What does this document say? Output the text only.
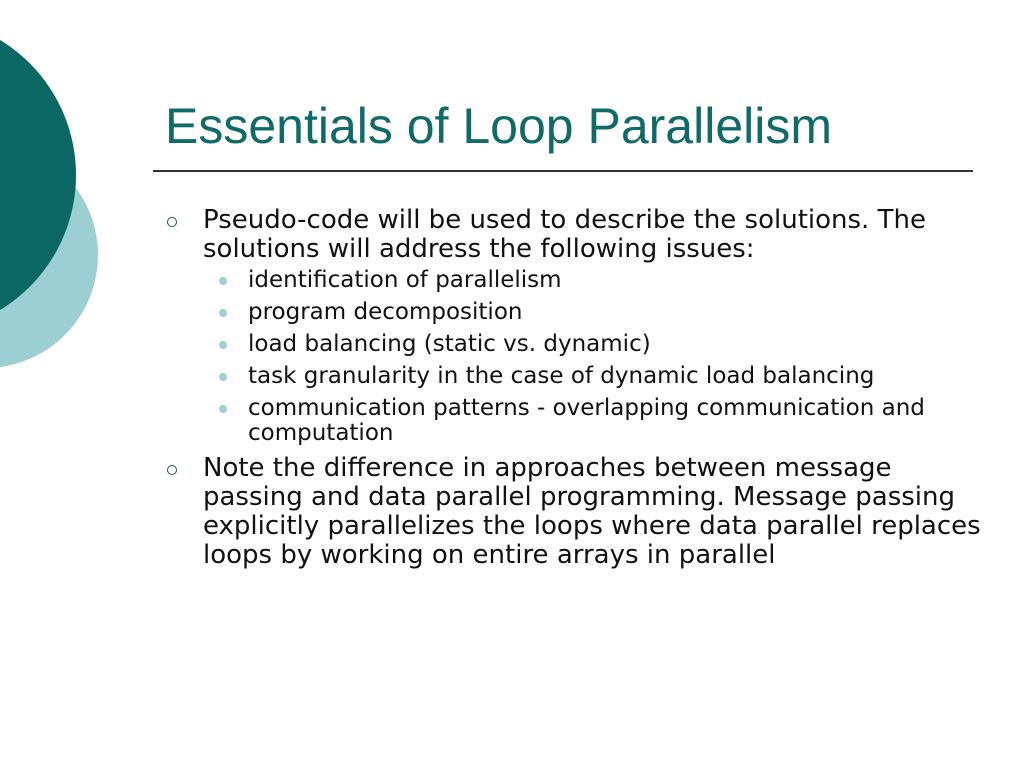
Essentials of Loop Parallelism
Pseudo-code will be used to describe the solutions. The solutions will address the following issues:
identification of parallelism
program decomposition
load balancing (static vs. dynamic)
task granularity in the case of dynamic load balancing
communication patterns - overlapping communication and computation
Note the difference in approaches between message passing and data parallel programming. Message passing explicitly parallelizes the loops where data parallel replaces loops by working on entire arrays in parallel
